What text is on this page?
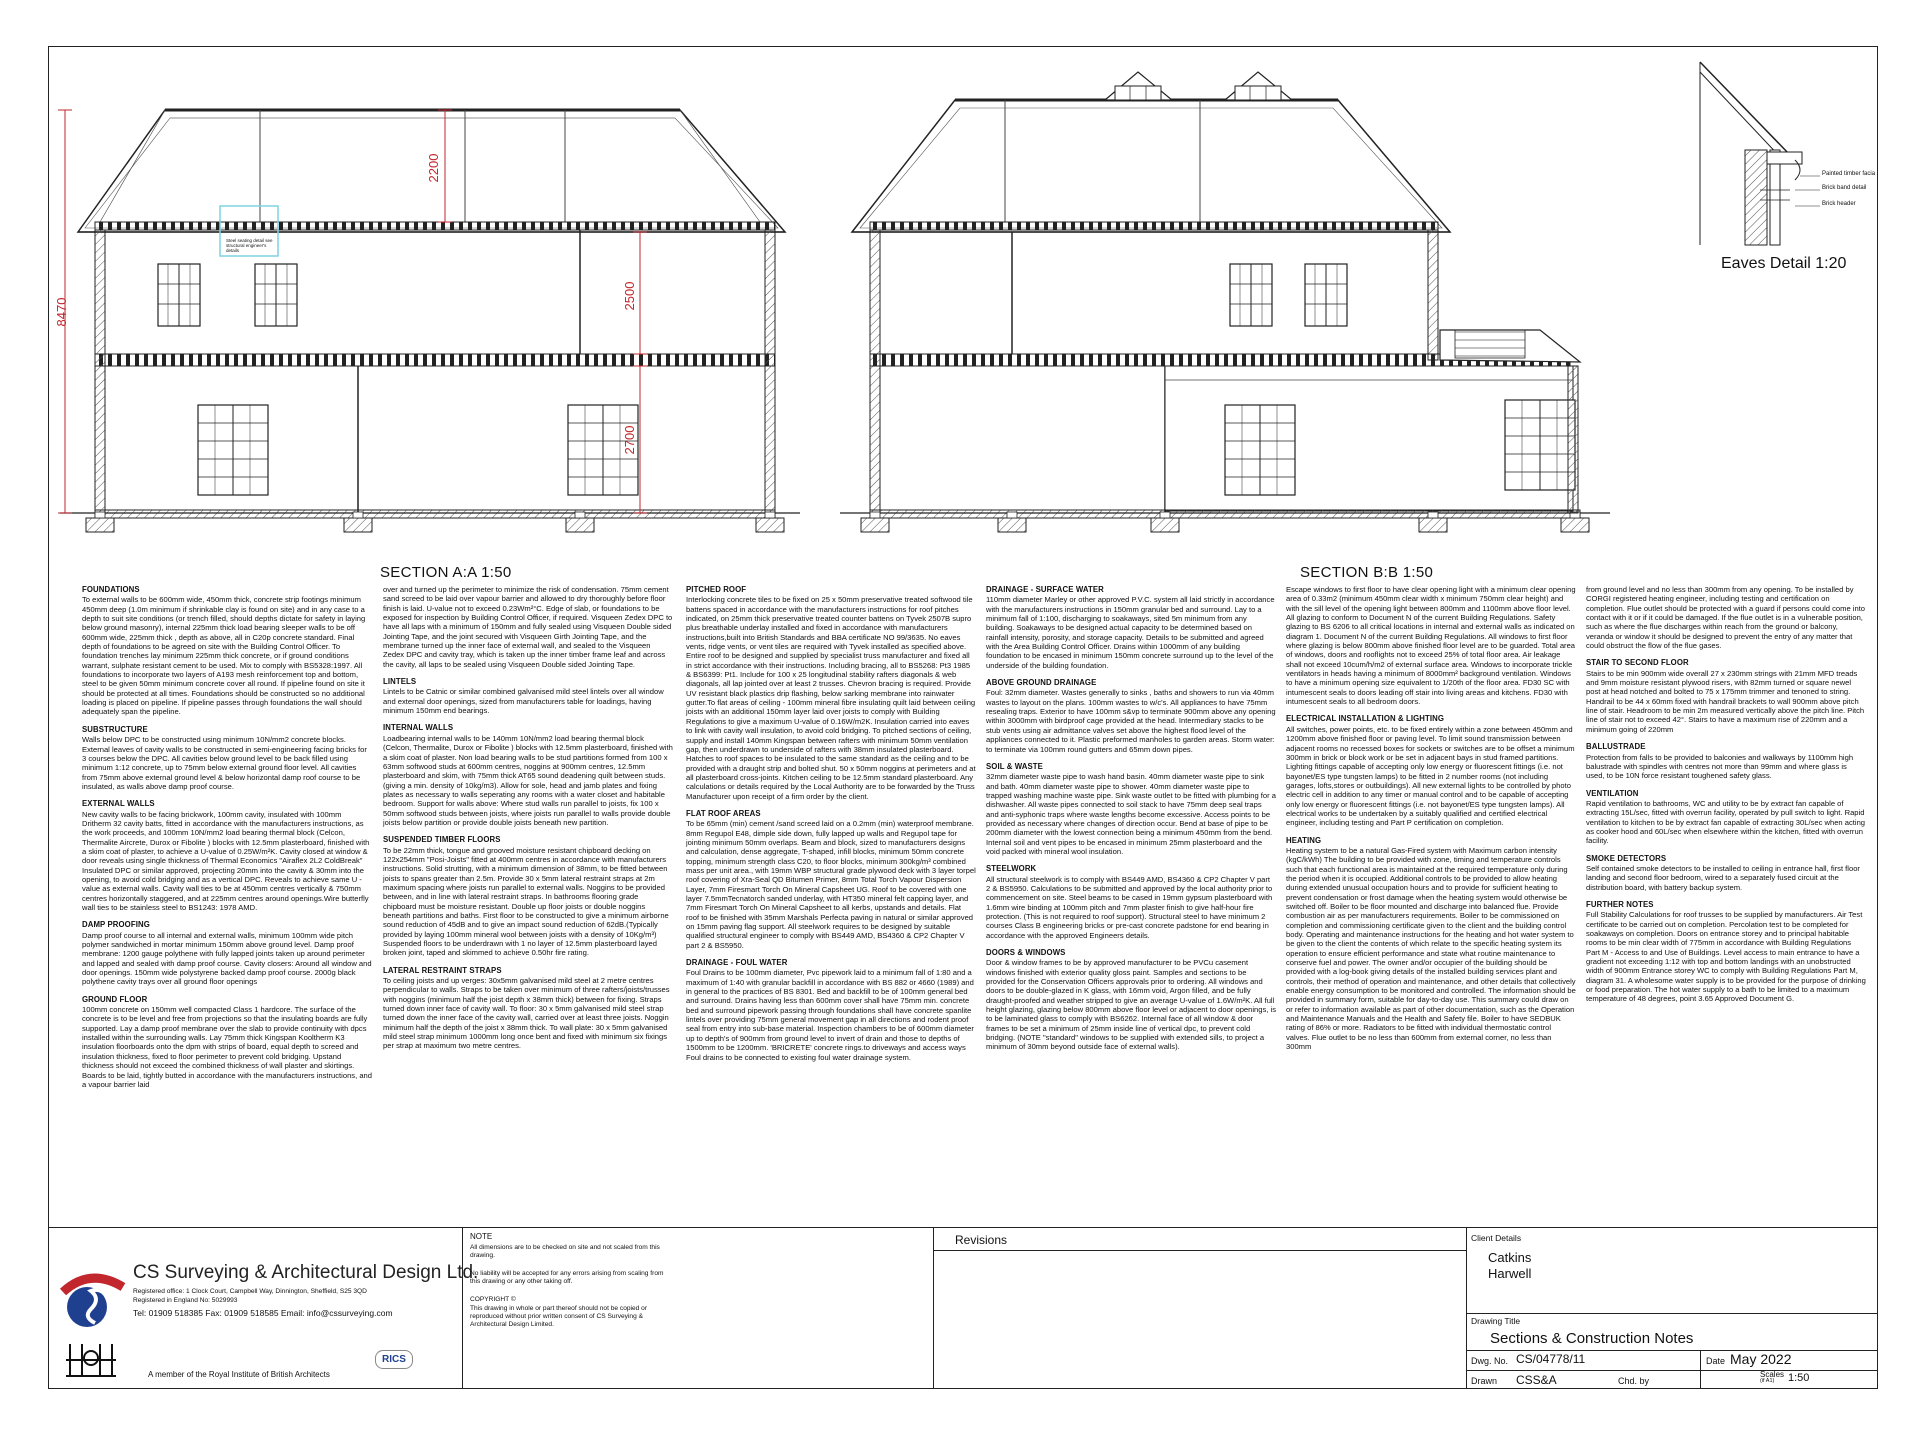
8470
2200
2500
2700
Steel seating detail see structural engineer's details
Painted timber facia
Brick band detail
Brick header
Eaves Detail 1:20
SECTION A:A 1:50	SECTION B:B 1:50
FOUNDATIONS

To external walls to be 600mm wide, 450mm thick, concrete strip footings minimum 450mm deep (1.0m minimum if shrinkable clay is found on site) and in any case to a depth to suit site conditions (or trench filled, should depths dictate for safety in laying below ground masonry), internal 225mm thick load bearing sleeper walls to be off 600mm wide, 225mm thick , depth as above, all in C20p concrete standard. Final depth of foundations to be agreed on site with the Building Control Officer. To foundation trenches lay minimum 225mm thick concrete, or if ground conditions warrant, sulphate resistant cement to be used. Mix to comply with BS5328:1997. All foundations to incorporate two layers of A193 mesh reinforcement top and bottom, steel to be given 50mm minimum concrete cover all round. If pipeline found on site it should be protected at all times. Foundations should be constructed so no additional loading is placed on pipeline. If pipeline passes through foundations the wall should adequately span the pipeline.

SUBSTRUCTURE

Walls below DPC to be constructed using minimum 10N/mm2 concrete blocks. External leaves of cavity walls to be constructed in semi-engineering facing bricks for 3 courses below the DPC. All cavities below ground level to be back filled using minimum 1:12 concrete, up to 75mm below external ground floor level. All cavities from 75mm above external ground level & below horizontal damp roof course to be insulated, as walls above damp proof course.

EXTERNAL WALLS

New cavity walls to be facing brickwork, 100mm cavity, insulated with 100mm Dritherm 32 cavity batts, fitted in accordance with the manufacturers instructions, as the work proceeds, and 100mm 10N/mm2 load bearing thermal block (Celcon, Thermalite Aircrete, Durox or Fibolite ) blocks with 12.5mm plasterboard, finished with a skim coat of plaster, to achieve a U-value of 0.25W/m²K. Cavity closed at window & door reveals using single thickness of Thermal Economics "Airaflex 2L2 ColdBreak" Insulated DPC or similar approved, projecting 20mm into the cavity & 30mm into the opening, to avoid cold bridging and as a vertical DPC. Reveals to achieve same U -value as external walls. Cavity wall ties to be at 450mm centres vertically & 750mm centres horizontally staggered, and at 225mm centres around openings.Wire butterfly wall ties to be stainless steel to BS1243: 1978 AMD.

DAMP PROOFING

Damp proof course to all internal and external walls, minimum 100mm wide pitch polymer sandwiched in mortar minimum 150mm above ground level. Damp proof membrane: 1200 gauge polythene with fully lapped joints taken up around perimeter and lapped and sealed with damp proof course. Cavity closers: Around all window and door openings. 150mm wide polystyrene backed damp proof course. 2000g black polythene cavity trays over all ground floor openings

GROUND FLOOR

100mm concrete on 150mm well compacted Class 1 hardcore. The surface of the concrete is to be level and free from projections so that the insulating boards are fully supported. Lay a damp proof membrane over the slab to provide continuity with dpcs installed within the surrounding walls. Lay 75mm thick Kingspan Kooltherm K3 insulation floorboards onto the dpm with strips of board, equal depth to screed and insulation thickness, fixed to floor perimeter to prevent cold bridging. Upstand thickness should not exceed the combined thickness of wall plaster and skirtings. Boards to be laid, tightly butted in accordance with the manufacturers instructions, and a vapour barrier laid

over and turned up the perimeter to minimize the risk of condensation. 75mm cement sand screed to be laid over vapour barrier and allowed to dry thoroughly before floor finish is laid. U-value not to exceed 0.23Wm²°C. Edge of slab, or foundations to be exposed for inspection by Building Control Officer, if required. Visqueen Zedex DPC to have all laps with a minimum of 150mm and fully sealed using Visqueen Double sided Jointing Tape, and the joint secured with Visqueen Girth Jointing Tape, and the membrane turned up the inner face of external wall, and sealed to the Visqueen Zedex DPC and cavity tray, which is taken up the inner timber frame leaf and across the cavity, all laps to be sealed using Visqueen Double sided Jointing Tape.

LINTELS

Lintels to be Catnic or similar combined galvanised mild steel lintels over all window and external door openings, sized from manufacturers table for loadings, having minimum 150mm end bearings.

INTERNAL WALLS

Loadbearing internal walls to be 140mm 10N/mm2 load bearing thermal block (Celcon, Thermalite, Durox or Fibolite ) blocks with 12.5mm plasterboard, finished with a skim coat of plaster. Non load bearing walls to be stud partitions formed from 100 x 63mm softwood studs at 600mm centres, noggins at 900mm centres, 12.5mm plasterboard and skim, with 75mm thick AT65 sound deadening quilt between studs. (giving a min. density of 10kg/m3). Allow for sole, head and jamb plates and fixing plates as necessary to walls seperating any rooms with a water closet and habitable bedroom. Support for walls above: Where stud walls run parallel to joists, fix 100 x 50mm softwood studs between joists, where joists run parallel to walls provide double joists below partition or provide double joists beneath new partition.

SUSPENDED TIMBER FLOORS

To be 22mm thick, tongue and grooved moisture resistant chipboard decking on 122x254mm "Posi-Joists" fitted at 400mm centres in accordance with manufacturers instructions. Solid strutting, with a minimum dimension of 38mm, to be fitted between joists to spans greater than 2.5m. Provide 30 x 5mm lateral restraint straps at 2m maximum spacing where joists run parallel to external walls. Noggins to be provided between, and in line with lateral restraint straps. In bathrooms flooring grade chipboard must be moisture resistant. Double up floor joists or double noggins beneath partitions and baths. First floor to be constructed to give a minimum airborne sound reduction of 45dB and to give an impact sound reduction of 62dB.(Typically provided by laying 100mm mineral wool between joists with a density of 10Kg/m³) Suspended floors to be underdrawn with 1 no layer of 12.5mm plasterboard layed broken joint, taped and skimmed to achieve 0.50hr fire rating.

LATERAL RESTRAINT STRAPS

To ceiling joists and up verges: 30x5mm galvanised mild steel at 2 metre centres perpendicular to walls. Straps to be taken over minimum of three rafters/joists/trusses with noggins (minimum half the joist depth x 38mm thick) between for fixing. Straps turned down inner face of cavity wall. To floor: 30 x 5mm galvanised mild steel strap turned down the inner face of the cavity wall, carried over at least three joists. Noggin minimum half the depth of the joist x 38mm thick. To wall plate: 30 x 5mm galvanised mild steel strap minimum 1000mm long once bent and fixed with minimum six fixings per strap at maximum two metre centres.

PITCHED ROOF

Interlocking concrete tiles to be fixed on 25 x 50mm preservative treated softwood tile battens spaced in accordance with the manufacturers instructions for roof pitches indicated, on 25mm thick preservative treated counter battens on Tyvek 2507B supro plus breathable underlay installed and fixed in accordance with manufacturers instructions,built into British Standards and BBA certificate NO 99/3635. No eaves vents, ridge vents, or vent tiles are required with Tyvek installed as specified above. Entire roof to be designed and supplied by specialist truss manufacturer and fixed all in strict accordance with their instructions. Including bracing, all to BS5268: Pt3 1985 & BS6399: Pt1. Include for 100 x 25 longitudinal stability rafters diagonals & web diagonals, all lap jointed over at least 2 trusses. Chevron bracing is required. Provide UV resistant black plastics drip flashing, below sarking membrane into rainwater gutter.To flat areas of ceiling - 100mm mineral fibre insulating quilt laid between ceiling joists with an additional 150mm layer laid over joists to comply with Building Regulations to give a maximum U-value of 0.16W/m2K. Insulation carried into eaves to link with cavity wall insulation, to avoid cold bridging. To pitched sections of ceiling, supply and install 140mm Kingspan between rafters with minimum 50mm ventilation gap, then underdrawn to underside of rafters with 38mm insulated plasterboard. Hatches to roof spaces to be insulated to the same standard as the ceiling and to be provided with a draught strip and bolted shut. 50 x 50mm noggins at perimeters and at all plasterboard cross-joints. Kitchen ceiling to be 12.5mm standard plasterboard. Any calculations or details required by the Local Authority are to be forwarded by the Truss Manufacturer upon receipt of a firm order by the client.

FLAT ROOF AREAS

To be 65mm (min) cement /sand screed laid on a 0.2mm (min) waterproof membrane. 8mm Regupol E48, dimple side down, fully lapped up walls and Regupol tape for jointing minimum 50mm overlaps. Beam and block, sized to manufacturers designs and calculation, dense aggregate, T-shaped, infill blocks, minimum 50mm concrete topping, minimum strength class C20, to floor blocks, minimum 300kg/m³ combined mass per unit area., with 19mm WBP structural grade plywood deck with 3 layer torpel roof covering of Xra-Seal QD Bitumen Primer, 8mm Total Torch Vapour Dispersion Layer, 7mm Firesmart Torch On Mineral Capsheet UG. Roof to be covered with one layer 7.5mmTecnatorch sanded underlay, with HT350 mineral felt capping layer, and 7mm Firesmart Torch On Mineral Capsheet to all kerbs, upstands and details. Flat roof to be finished with 35mm Marshals Perfecta paving in natural or similar approved on 15mm paving flag support. All steelwork requires to be designed by suitable qualified structural engineer to comply with BS449 AMD, BS4360 & CP2 Chapter V part 2 & BS5950.

DRAINAGE - FOUL WATER

Foul Drains to be 100mm diameter, Pvc pipework laid to a minimum fall of 1:80 and a maximum of 1:40 with granular backfill in accordance with BS 882 or 4660 (1989) and in general to the practices of BS 8301. Bed and backfill to be of 100mm general bed and surround. Drains having less than 600mm cover shall have 75mm min. concrete bed and surround pipework passing through foundations shall have concrete spanlite lintels over providing 75mm general movement gap in all directions and rodent proof seal from entry into sub-base material. Inspection chambers to be of 600mm diameter up to depth's of 900mm from ground level to invert of drain and those to depths of 1500mm to be 1200mm. 'BRICRETE' concrete rings.to driveways and access ways Foul drains to be connected to existing foul water drainage system.

DRAINAGE - SURFACE WATER

110mm diameter Marley or other approved P.V.C. system all laid strictly in accordance with the manufacturers instructions in 150mm granular bed and surround. Lay to a minimum fall of 1:100, discharging to soakaways, sited 5m minimum from any building. Soakaways to be designed actual capacity to be determined based on rainfall intensity, porosity, and storage capacity. Details to be submitted and agreed with the Area Building Control Officer. Drains within 1000mm of any building foundation to be encased in minimum 150mm concrete surround up to the level of the underside of the building foundation.

ABOVE GROUND DRAINAGE

Foul: 32mm diameter. Wastes generally to sinks , baths and showers to run via 40mm wastes to layout on the plans. 100mm wastes to w/c's. All appliances to have 75mm resealing traps. Exterior to have 100mm s&vp to terminate 900mm above any opening within 3000mm with birdproof cage provided at the head. Intermediary stacks to be stub vents using air admittance valves set above the highest flood level of the appliances connected to it. Plastic preformed manholes to garden areas. Storm water: to terminate via 100mm round gutters and 65mm down pipes.

SOIL & WASTE

32mm diameter waste pipe to wash hand basin. 40mm diameter waste pipe to sink and bath. 40mm diameter waste pipe to shower. 40mm diameter waste pipe to trapped washing machine waste pipe. Sink waste outlet to be fitted with plumbing for a dishwasher. All waste pipes connected to soil stack to have 75mm deep seal traps and anti-syphonic traps where waste lengths become excessive. Access points to be provided as necessary where changes of direction occur. Bend at base of pipe to be 200mm diameter with the lowest connection being a minimum 450mm from the bend. Internal soil and vent pipes to be encased in minimum 25mm plasterboard and the void packed with mineral wool insulation.

STEELWORK

All structural steelwork is to comply with BS449 AMD, BS4360 & CP2 Chapter V part 2 & BS5950. Calculations to be submitted and approved by the local authority prior to commencement on site. Steel beams to be cased in 19mm gypsum plasterboard with 1.6mm wire binding at 100mm pitch and 7mm plaster finish to give half-hour fire protection. (This is not required to roof support). Structural steel to have minimum 2 courses Class B engineering bricks or pre-cast concrete padstone for end bearing in accordance with the approved Engineers details.

DOORS & WINDOWS

Door & window frames to be by approved manufacturer to be PVCu casement windows finished with exterior quality gloss paint. Samples and sections to be provided for the Conservation Officers approvals prior to ordering. All windows and doors to be double-glazed in K glass, with 16mm void, Argon filled, and be fully draught-proofed and weather stripped to give an average U-value of 1.6W/m²K. All full height glazing, glazing below 800mm above floor level or adjacent to door openings, is to be laminated glass to comply with BS6262. Internal face of all window & door frames to be set a minimum of 25mm inside line of vertical dpc, to prevent cold bridging. (NOTE "standard" windows to be supplied with extended sills, to project a minimum of 30mm beyond outside face of external walls).

Escape windows to first floor to have clear opening light with a minimum clear opening area of 0.33m2 (minimum 450mm clear width x minimum 750mm clear height) and with the sill level of the opening light between 800mm and 1100mm above floor level. All glazing to conform to Document N of the current Building Regulations. Safety glazing to BS 6206 to all critical locations in internal and external walls as indicated on diagram 1. Document N of the current Building Regulations. All windows to first floor where glazing is below 800mm above finished floor level are to be guarded. Total area of windows, doors and rooflights not to exceed 25% of total floor area. Air leakage shall not exceed 10cum/h/m2 of external surface area. Windows to incorporate trickle ventilators in heads having a minimum of 8000mm² background ventilation. Windows to have a minimum opening size equivalent to 1/20th of the floor area. FD30 SC with intumescent seals to doors leading off stair into living areas and kitchens. FD30 with intumescent seals to all bedroom doors.

ELECTRICAL INSTALLATION & LIGHTING

All switches, power points, etc. to be fixed entirely within a zone between 450mm and 1200mm above finished floor or paving level. To limit sound transmission between adjacent rooms no recessed boxes for sockets or switches are to be offset a minimum 300mm in brick or block work or be set in adjacent bays in stud framed partitions. Lighting fittings capable of accepting only low energy or fluorescent fittings (i.e. not bayonet/ES type tungsten lamps) to be fitted in 2 number rooms (not including garages, lofts,stores or outbuildings). All new external lights to be controlled by photo electric cell in addition to any timer or manual control and to be capable of accepting only low energy or fluorescent fittings (i.e. not bayonet/ES type tungsten lamps). All electrical works to be undertaken by a suitably qualified and certified electrical engineer, including testing and Part P certification on completion.

HEATING

Heating system to be a natural Gas-Fired system with Maximum carbon intensity (kgC/kWh) The building to be provided with zone, timing and temperature controls such that each functional area is maintained at the required temperature only during the period when it is occupied. Additional controls to be provided to allow heating during extended unusual occupation hours and to provide for sufficient heating to prevent condensation or frost damage when the heating system would otherwise be switched off. Boiler to be floor mounted and discharge into balanced flue. Provide combustion air as per manufacturers requirements. Boiler to be commissioned on completion and commissioning certificate given to the client and the building control body. Operating and maintenance instructions for the heating and hot water system to be given to the client the contents of which relate to the specific heating system its operation to ensure efficient performance and state what routine maintenance to conserve fuel and power. The owner and/or occupier of the building should be provided with a log-book giving details of the installed building services plant and controls, their method of operation and maintenance, and other details that collectively enable energy consumption to be monitored and controlled. The information should be provided in summary form, suitable for day-to-day use. This summary could draw on or refer to information available as part of other documentation, such as the Operation and Maintenance Manuals and the Health and Safety file. Boiler to have SEDBUK rating of 86% or more. Radiators to be fitted with individual thermostatic control valves. Flue outlet to be no less than 600mm from external corner, no less than 300mm

from ground level and no less than 300mm from any opening. To be installed by CORGI registered heating engineer, including testing and certification on completion. Flue outlet should be protected with a guard if persons could come into contact with it or if it could be damaged. If the flue outlet is in a vulnerable position, such as where the flue discharges within reach from the ground or balcony, veranda or window it should be designed to prevent the entry of any matter that could obstruct the flow of the flue gases.

STAIR TO SECOND FLOOR

Stairs to be min 900mm wide overall 27 x 230mm strings with 21mm MFD treads and 9mm moisture resistant plywood risers, with 82mm turned or square newel post at head notched and bolted to 75 x 175mm trimmer and tenoned to string. Handrail to be 44 x 60mm fixed with handrail brackets to wall 900mm above pitch line of stair. Headroom to be min 2m measured vertically above the pitch line. Pitch line of stair not to exceed 42°. Stairs to have a maximum rise of 220mm and a minimum going of 220mm

BALLUSTRADE

Protection from falls to be provided to balconies and walkways by 1100mm high balustrade with spindles with centres not more than 99mm and where glass is used, to be 10N force resistant toughened safety glass.

VENTILATION

Rapid ventilation to bathrooms, WC and utility to be by extract fan capable of extracting 15L/sec, fitted with overrun facility, operated by pull switch to light. Rapid ventilation to kitchen to be by extract fan capable of extracting 30L/sec when acting as cooker hood and 60L/sec when elsewhere within the kitchen, fitted with overrun facility.

SMOKE DETECTORS

Self contained smoke detectors to be installed to ceiling in entrance hall, first floor landing and second floor bedroom, wired to a separately fused circuit at the distribution board, with battery backup system.

FURTHER NOTES

Full Stability Calculations for roof trusses to be supplied by manufacturers. Air Test certificate to be carried out on completion. Percolation test to be completed for soakaways on completion. Doors on entrance storey and to principal habitable rooms to be min clear width of 775mm in accordance with Building Regulations Part M - Access to and Use of Buildings. Level access to main entrance to have a gradient not exceeding 1:12 with top and bottom landings with an unobstructed width of 900mm Entrance storey WC to comply with Building Regulations Part M, diagram 31. A wholesome water supply is to be provided for the purpose of drinking or food preparation. The hot water supply to a bath to be limited to a maximum temperature of 48 degrees, point 3.65 Approved Document G.

CS Surveying & Architectural Design Ltd.
Registered office: 1 Clock Court, Campbell Way, Dinnington, Sheffield, S25 3QD
Registered in England No: 5029993
Tel: 01909 518385 Fax: 01909 518585 Email: info@cssurveying.com
A member of the Royal Institute of British Architects
RICS
NOTE
All dimensions are to be checked on site and not scaled from this drawing.
No liability will be accepted for any errors arising from scaling from this drawing or any other taking off.
COPYRIGHT ©
This drawing in whole or part thereof should not be copied or reproduced without prior written consent of CS Surveying & Architectural Design Limited.
Revisions	Client Details
Catkins
Harwell
Drawing Title
Sections & Construction Notes
Dwg. No. CS/04778/11	Date May 2022
Drawn CSS&A	Chd. by
Scales
(if A1) 1:50
